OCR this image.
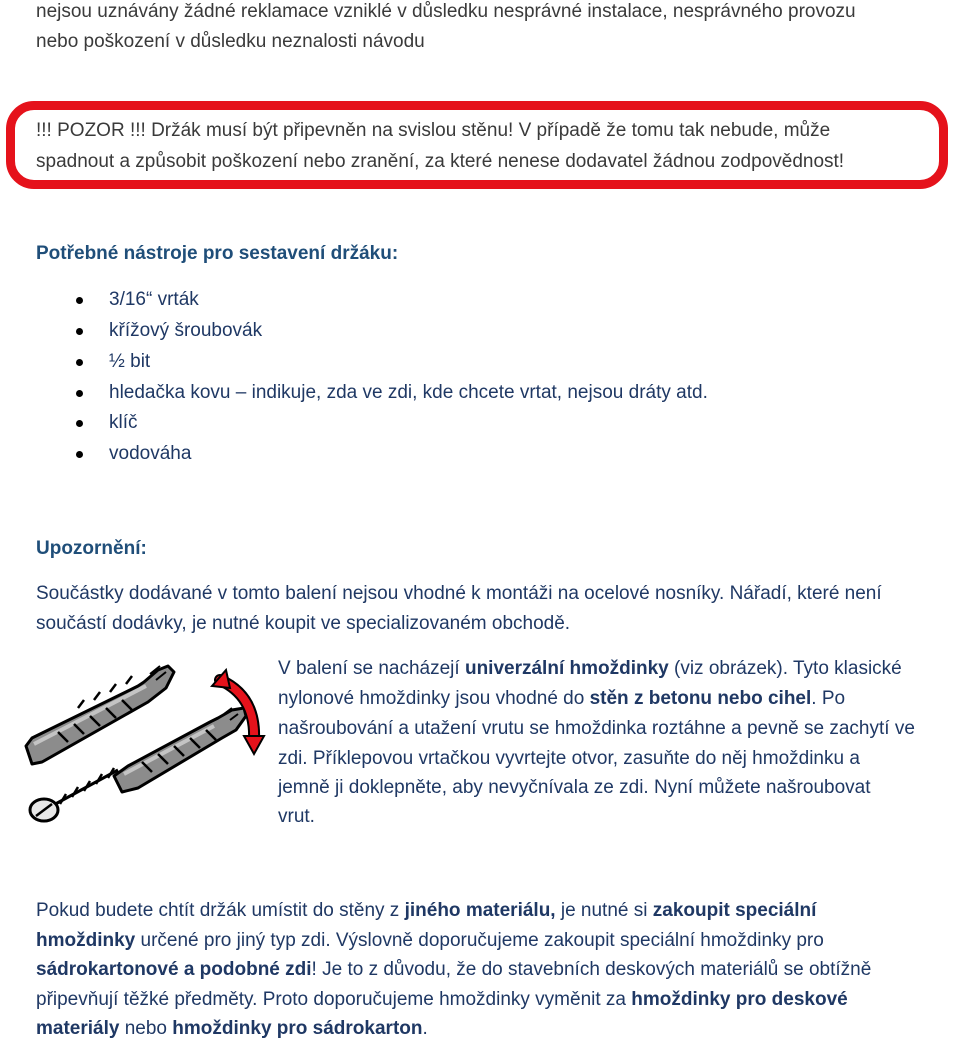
nejsou uznávány žádné reklamace vzniklé v důsledku nesprávné instalace, nesprávného provozu
nebo poškození v důsledku neznalosti návodu
!!! POZOR !!! Držák musí být připevněn na svislou stěnu! V případě že tomu tak nebude, může
spadnout a způsobit poškození nebo zranění, za které nenese dodavatel žádnou zodpovědnost!
Potřebné nástroje pro sestavení držáku:
3/16“ vrták
křížový šroubovák
½ bit
hledačka kovu – indikuje, zda ve zdi, kde chcete vrtat, nejsou dráty atd.
klíč
vodováha
Upozornění:
Součástky dodávané v tomto balení nejsou vhodné k montáži na ocelové nosníky. Nářadí, které není
součástí dodávky, je nutné koupit ve specializovaném obchodě.
V balení se nacházejí univerzální hmoždinky (viz obrázek). Tyto klasické
nylonové hmoždinky jsou vhodné do stěn z betonu nebo cihel. Po
našroubování a utažení vrutu se hmoždinka roztáhne a pevně se zachytí ve
zdi. Příklepovou vrtačkou vyvrtejte otvor, zasuňte do něj hmoždinku a
jemně ji doklepněte, aby nevyčnívala ze zdi. Nyní můžete našroubovat
vrut.
Pokud budete chtít držák umístit do stěny z jiného materiálu, je nutné si zakoupit speciální
hmoždinky určené pro jiný typ zdi. Výslovně doporučujeme zakoupit speciální hmoždinky pro
sádrokartonové a podobné zdi! Je to z důvodu, že do stavebních deskových materiálů se obtížně
připevňují těžké předměty. Proto doporučujeme hmoždinky vyměnit za hmoždinky pro deskové
materiály nebo hmoždinky pro sádrokarton.
